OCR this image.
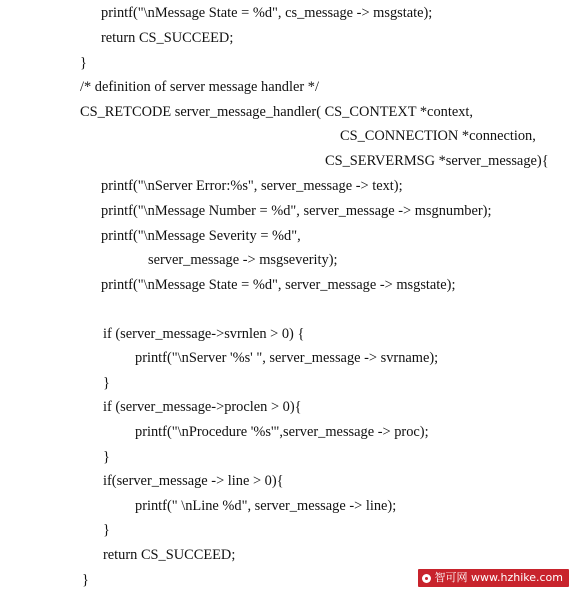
printf("\nMessage State = %d", cs_message -> msgstate);
return CS_SUCCEED;
}
/* definition of server message handler */
CS_RETCODE server_message_handler( CS_CONTEXT *context,
CS_CONNECTION *connection,
CS_SERVERMSG *server_message){
printf("\nServer Error:%s", server_message -> text);
printf("\nMessage Number = %d", server_message -> msgnumber);
printf("\nMessage Severity = %d",
server_message -> msgseverity);
printf("\nMessage State = %d", server_message -> msgstate);
if (server_message->svrnlen > 0) {
printf("\nServer '%s' ", server_message -> svrname);
}
if (server_message->proclen > 0){
printf("\nProcedure '%s'",server_message -> proc);
}
if(server_message -> line > 0){
printf(" \nLine %d", server_message -> line);
}
return CS_SUCCEED;
}	智可网 www.hzhike.com
